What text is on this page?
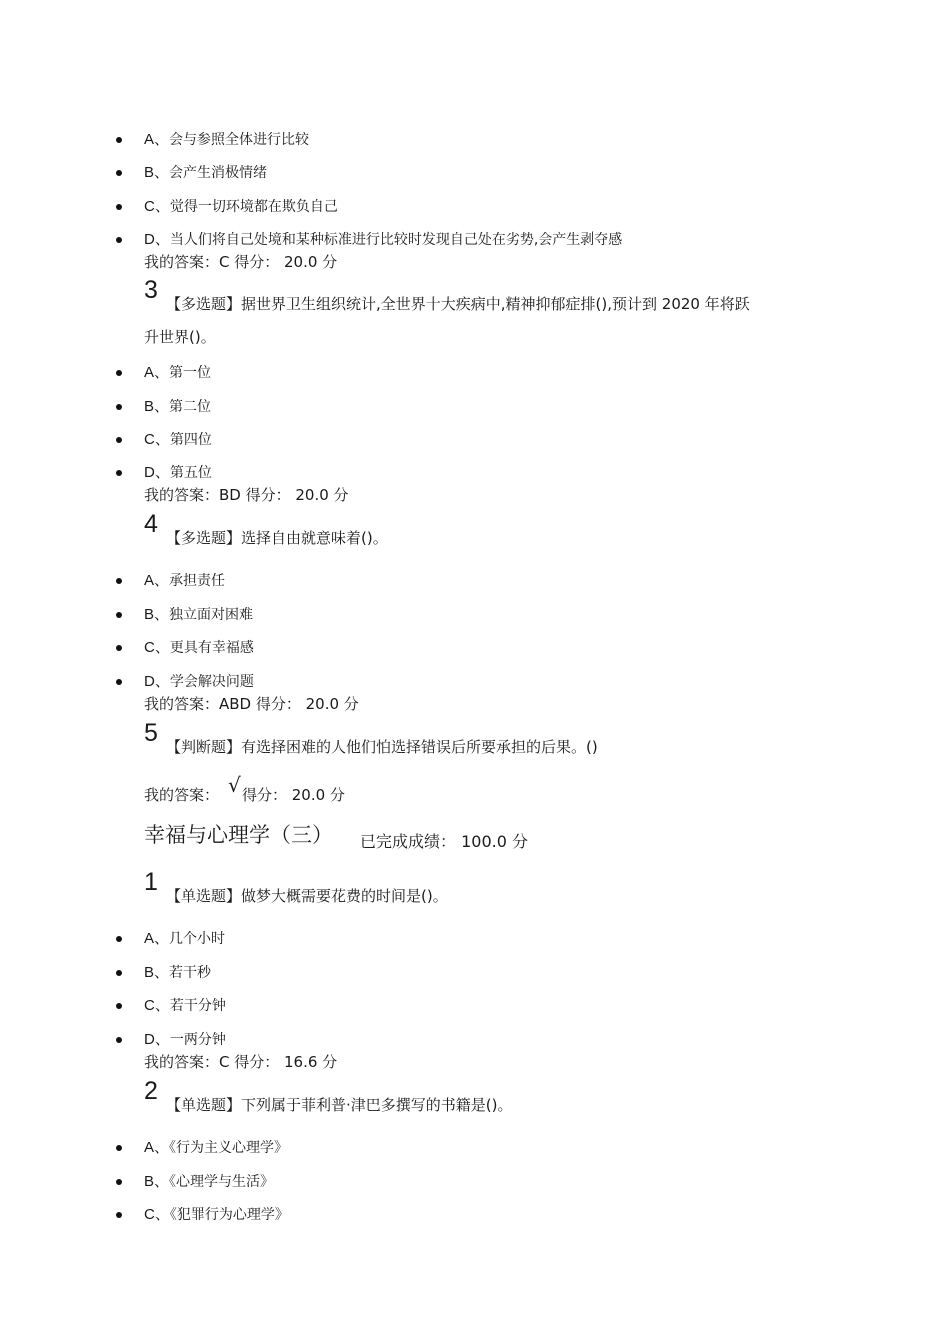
A、会与参照全体进行比较
B、会产生消极情绪
C、觉得一切环境都在欺负自己
D、当人们将自己处境和某种标准进行比较时发现自己处在劣势,会产生剥夺感
我的答案：C 得分： 20.0 分
3 【多选题】据世界卫生组织统计,全世界十大疾病中,精神抑郁症排(),预计到 2020 年将跃
升世界()。
A、第一位
B、第二位
C、第四位
D、第五位
我的答案：BD 得分： 20.0 分
4 【多选题】选择自由就意味着()。
A、承担责任
B、独立面对困难
C、更具有幸福感
D、学会解决问题
我的答案：ABD 得分： 20.0 分
5 【判断题】有选择困难的人他们怕选择错误后所要承担的后果。()
我的答案： √ 得分： 20.0 分
幸福与心理学（三） 已完成成绩： 100.0 分
1 【单选题】做梦大概需要花费的时间是()。
A、几个小时
B、若干秒
C、若干分钟
D、一两分钟
我的答案：C 得分： 16.6 分
2 【单选题】下列属于菲利普·津巴多撰写的书籍是()。
A、《行为主义心理学》
B、《心理学与生活》
C、《犯罪行为心理学》
